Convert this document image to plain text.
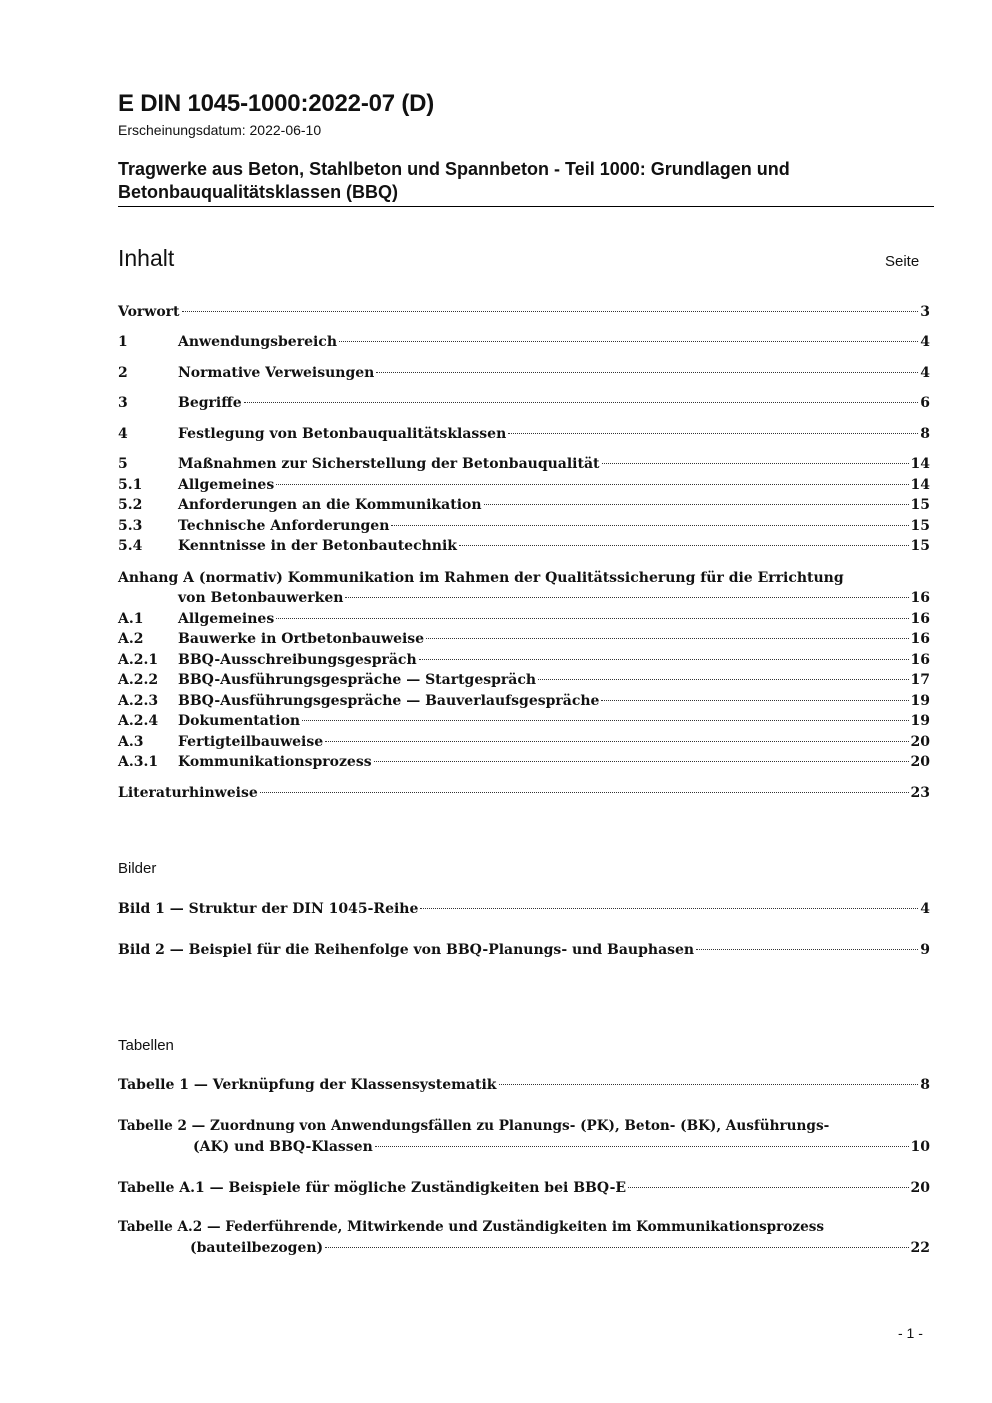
E DIN 1045-1000:2022-07 (D)
Erscheinungsdatum: 2022-06-10
Tragwerke aus Beton, Stahlbeton und Spannbeton - Teil 1000: Grundlagen und
Betonbauqualitätsklassen (BBQ)
Inhalt	Seite
Vorwort	3
1	Anwendungsbereich	4
2	Normative Verweisungen	4
3	Begriffe	6
4	Festlegung von Betonbauqualitätsklassen	8
5	Maßnahmen zur Sicherstellung der Betonbauqualität	14
5.1	Allgemeines	14
5.2	Anforderungen an die Kommunikation	15
5.3	Technische Anforderungen	15
5.4	Kenntnisse in der Betonbautechnik	15
Anhang A (normativ) Kommunikation im Rahmen der Qualitätssicherung für die Errichtung
von Betonbauwerken	16
A.1	Allgemeines	16
A.2	Bauwerke in Ortbetonbauweise	16
A.2.1	BBQ-Ausschreibungsgespräch	16
A.2.2	BBQ-Ausführungsgespräche — Startgespräch	17
A.2.3	BBQ-Ausführungsgespräche — Bauverlaufsgespräche	19
A.2.4	Dokumentation	19
A.3	Fertigteilbauweise	20
A.3.1	Kommunikationsprozess	20
Literaturhinweise	23
Bilder
Bild 1 — Struktur der DIN 1045-Reihe	4
Bild 2 — Beispiel für die Reihenfolge von BBQ-Planungs- und Bauphasen	9
Tabellen
Tabelle 1 — Verknüpfung der Klassensystematik	8
Tabelle 2 — Zuordnung von Anwendungsfällen zu Planungs- (PK), Beton- (BK), Ausführungs-
(AK) und BBQ-Klassen	10
Tabelle A.1 — Beispiele für mögliche Zuständigkeiten bei BBQ-E	20
Tabelle A.2 — Federführende, Mitwirkende und Zuständigkeiten im Kommunikationsprozess
(bauteilbezogen)	22
- 1 -
